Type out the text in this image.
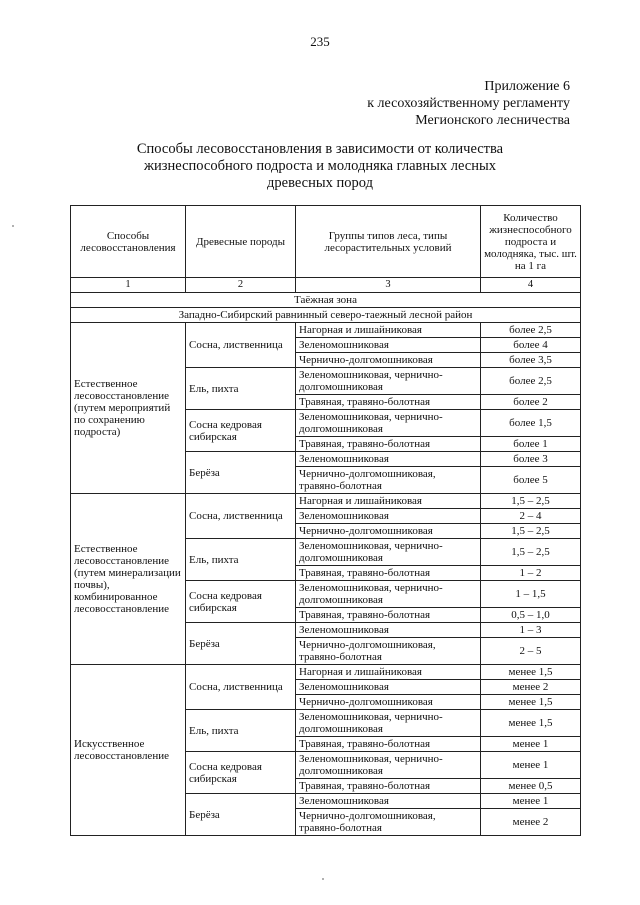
235
Приложение 6
к лесохозяйственному регламенту
Мегионского лесничества
Способы лесовосстановления в зависимости от количества
жизнеспособного подроста и молодняка главных лесных
древесных пород
Способы лесовосстановления	Древесные породы	Группы типов леса, типы лесорастительных условий	Количество жизнеспособного подроста и молодняка, тыс. шт. на 1 га
1	2	3	4
Таёжная зона			
Западно-Сибирский равнинный северо-таежный лесной район			
Естественное лесовосстановление (путем мероприятий по сохранению подроста)	Сосна, лиственница	Нагорная и лишайниковая	более 2,5
		Зеленомошниковая	более 4
		Чернично-долгомошниковая	более 3,5
	Ель, пихта	Зеленомошниковая, чернично-долгомошниковая	более 2,5
		Травяная, травяно-болотная	более 2
	Сосна кедровая сибирская	Зеленомошниковая, чернично-долгомошниковая	более 1,5
		Травяная, травяно-болотная	более 1
	Берёза	Зеленомошниковая	более 3
		Чернично-долгомошниковая, травяно-болотная	более 5
Естественное лесовосстановление (путем минерализации почвы), комбинированное лесовосстановление	Сосна, лиственница	Нагорная и лишайниковая	1,5 – 2,5
		Зеленомошниковая	2 – 4
		Чернично-долгомошниковая	1,5 – 2,5
	Ель, пихта	Зеленомошниковая, чернично-долгомошниковая	1,5 – 2,5
		Травяная, травяно-болотная	1 – 2
	Сосна кедровая сибирская	Зеленомошниковая, чернично-долгомошниковая	1 – 1,5
		Травяная, травяно-болотная	0,5 – 1,0
	Берёза	Зеленомошниковая	1 – 3
		Чернично-долгомошниковая, травяно-болотная	2 – 5
Искусственное лесовосстановление	Сосна, лиственница	Нагорная и лишайниковая	менее 1,5
		Зеленомошниковая	менее 2
		Чернично-долгомошниковая	менее 1,5
	Ель, пихта	Зеленомошниковая, чернично-долгомошниковая	менее 1,5
		Травяная, травяно-болотная	менее 1
	Сосна кедровая сибирская	Зеленомошниковая, чернично-долгомошниковая	менее 1
		Травяная, травяно-болотная	менее 0,5
	Берёза	Зеленомошниковая	менее 1
		Чернично-долгомошниковая, травяно-болотная	менее 2
